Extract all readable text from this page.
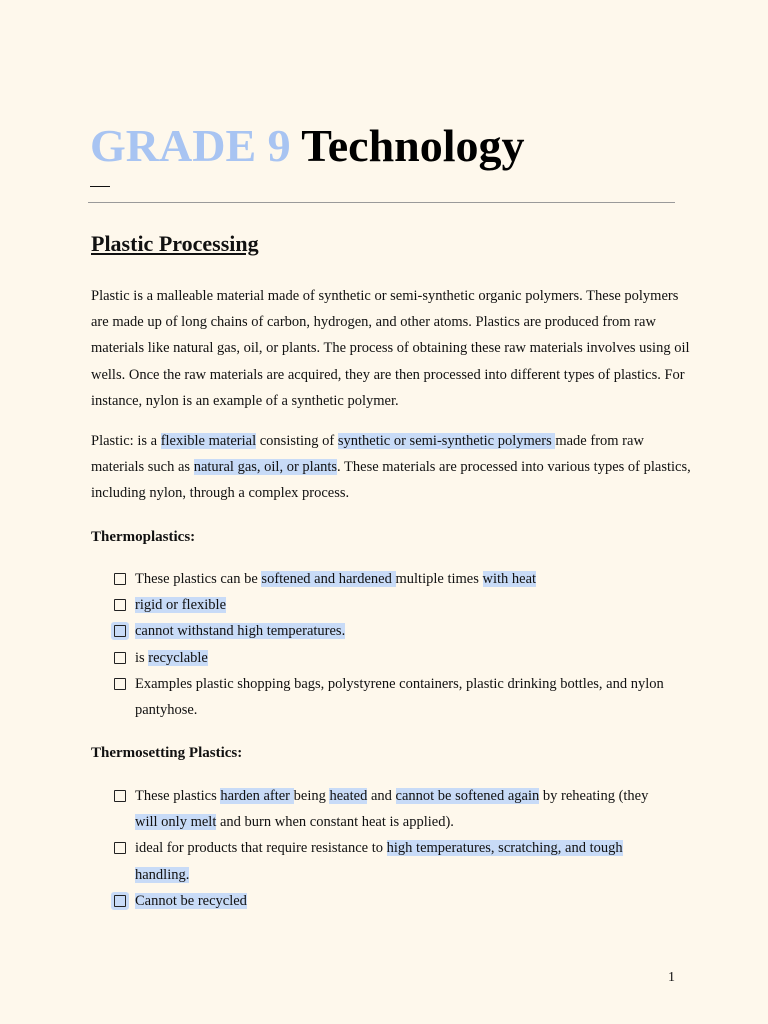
GRADE 9 Technology
Plastic Processing

Plastic is a malleable material made of synthetic or semi-synthetic organic polymers. These polymers are made up of long chains of carbon, hydrogen, and other atoms. Plastics are produced from raw materials like natural gas, oil, or plants. The process of obtaining these raw materials involves using oil wells. Once the raw materials are acquired, they are then processed into different types of plastics. For instance, nylon is an example of a synthetic polymer.

Plastic: is a flexible material consisting of synthetic or semi-synthetic polymers made from raw materials such as natural gas, oil, or plants. These materials are processed into various types of plastics, including nylon, through a complex process.

Thermoplastics:
These plastics can be softened and hardened multiple times with heat
rigid or flexible
cannot withstand high temperatures.
is recyclable
Examples plastic shopping bags, polystyrene containers, plastic drinking bottles, and nylon pantyhose.
Thermosetting Plastics:
These plastics harden after being heated and cannot be softened again by reheating (they will only melt and burn when constant heat is applied).
ideal for products that require resistance to high temperatures, scratching, and tough handling.
Cannot be recycled
1
